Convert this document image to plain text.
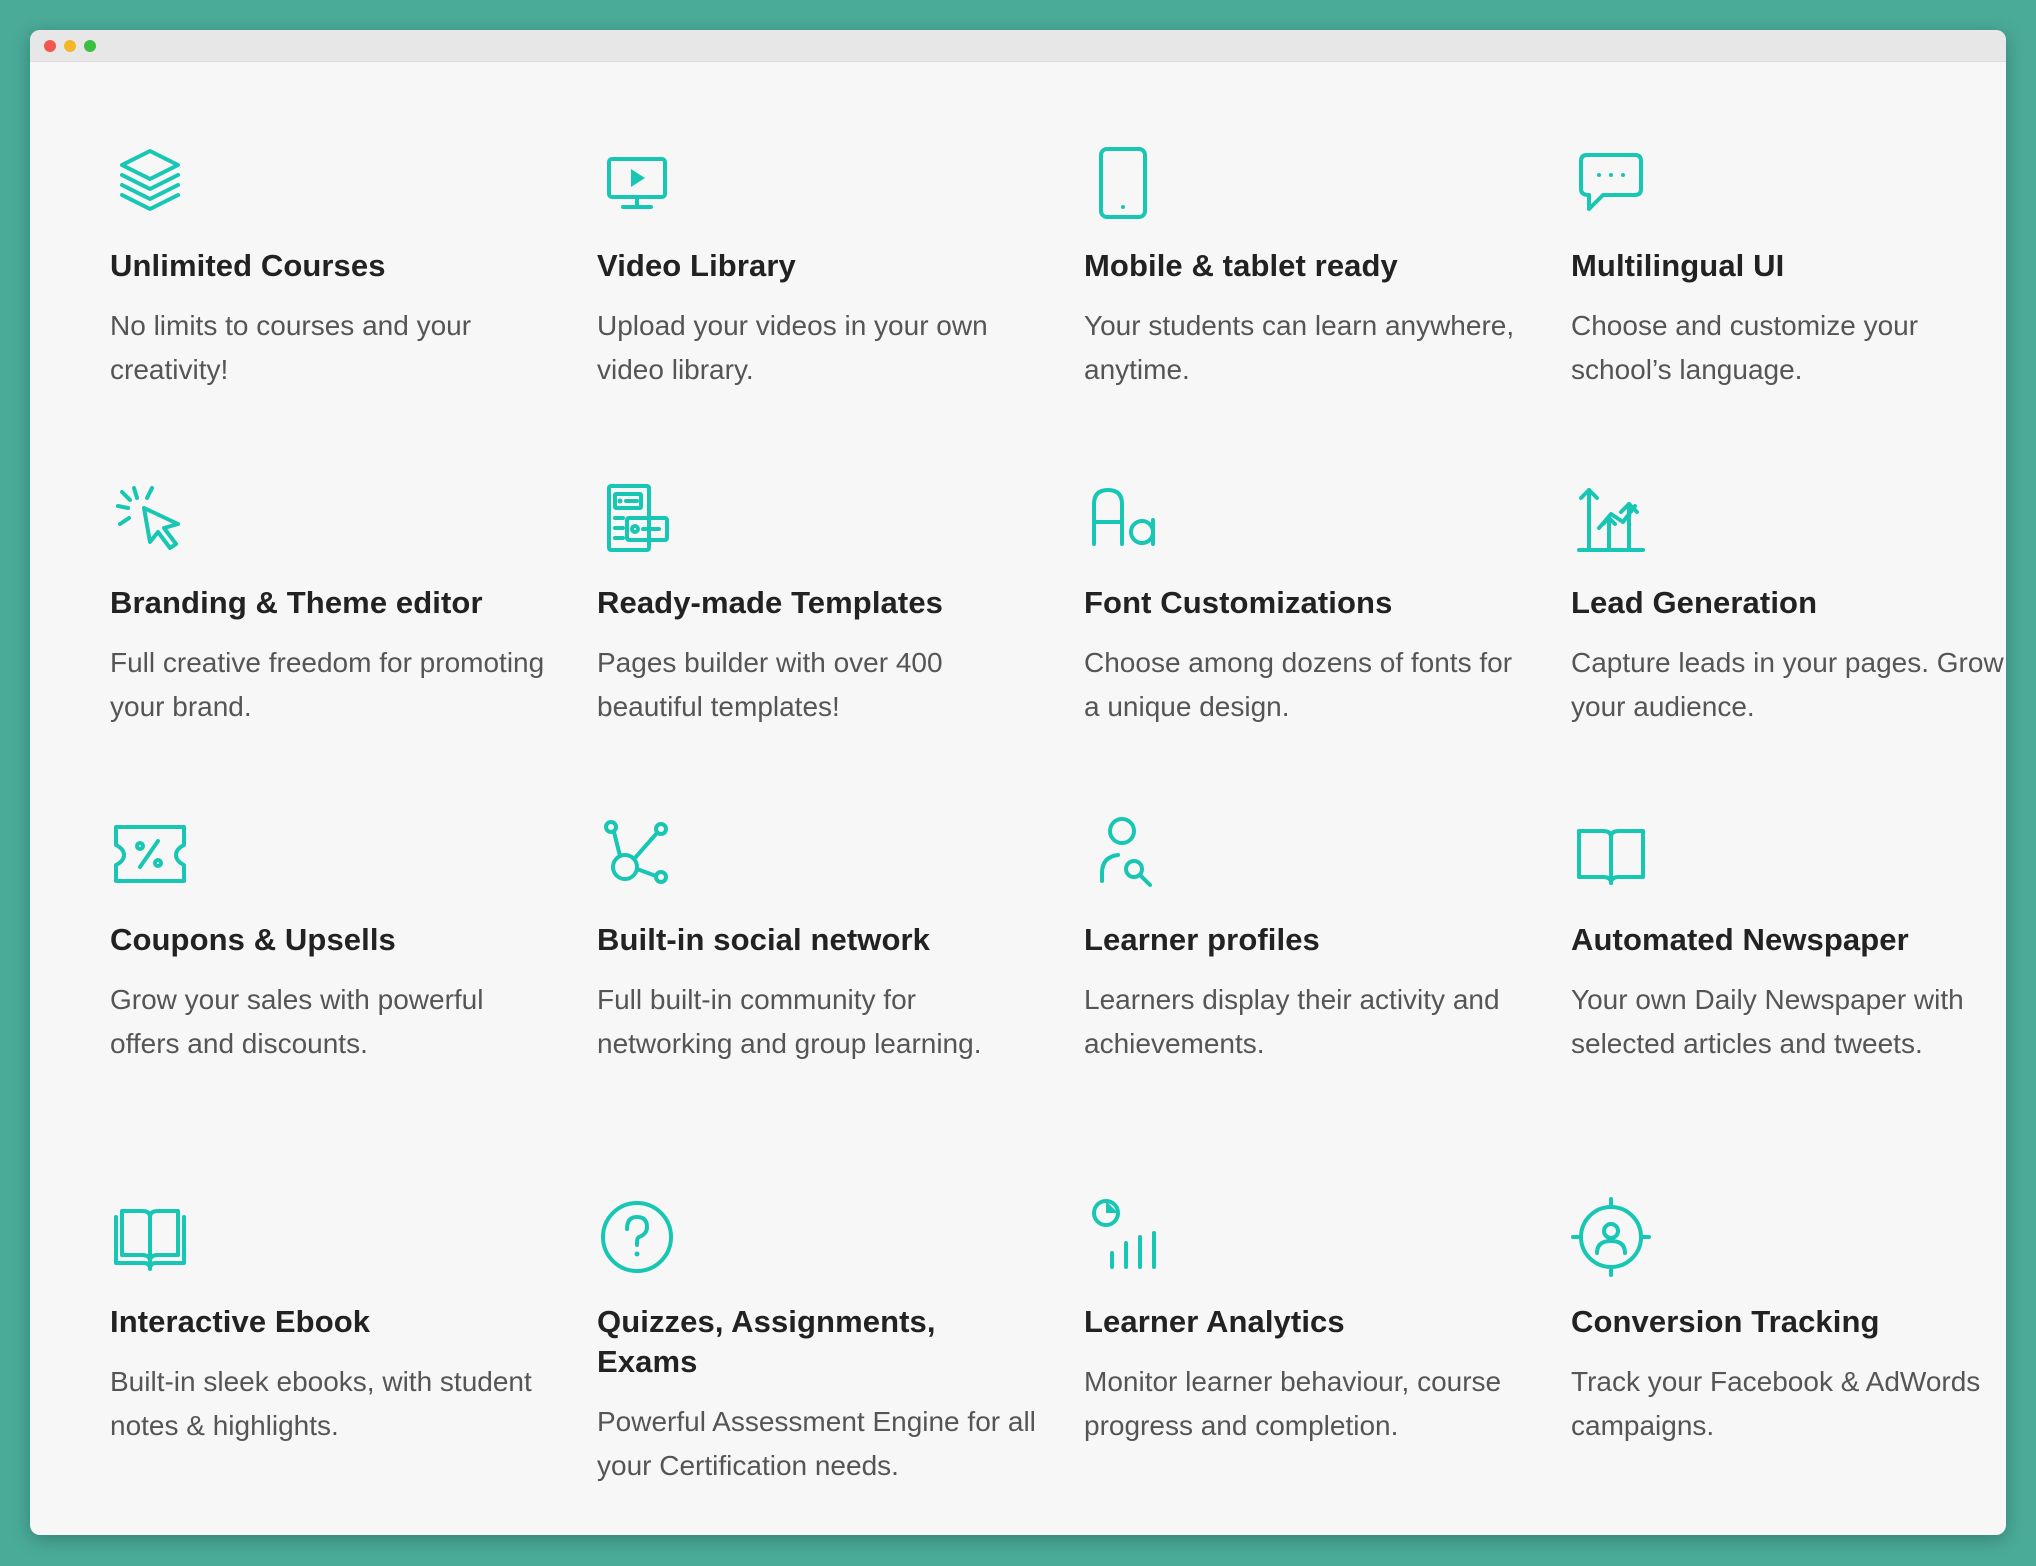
Unlimited Courses
No limits to courses and your creativity!
Video Library
Upload your videos in your own video library.
Mobile & tablet ready
Your students can learn anywhere, anytime.
Multilingual UI
Choose and customize your school’s language.
Branding & Theme editor
Full creative freedom for promoting your brand.
Ready-made Templates
Pages builder with over 400 beautiful templates!
Font Customizations
Choose among dozens of fonts for a unique design.
Lead Generation
Capture leads in your pages. Grow your audience.
Coupons & Upsells
Grow your sales with powerful offers and discounts.
Built-in social network
Full built-in community for networking and group learning.
Learner profiles
Learners display their activity and achievements.
Automated Newspaper
Your own Daily Newspaper with selected articles and tweets.
Interactive Ebook
Built-in sleek ebooks, with student notes & highlights.
Quizzes, Assignments, Exams
Powerful Assessment Engine for all your Certification needs.
Learner Analytics
Monitor learner behaviour, course progress and completion.
Conversion Tracking
Track your Facebook & AdWords campaigns.
